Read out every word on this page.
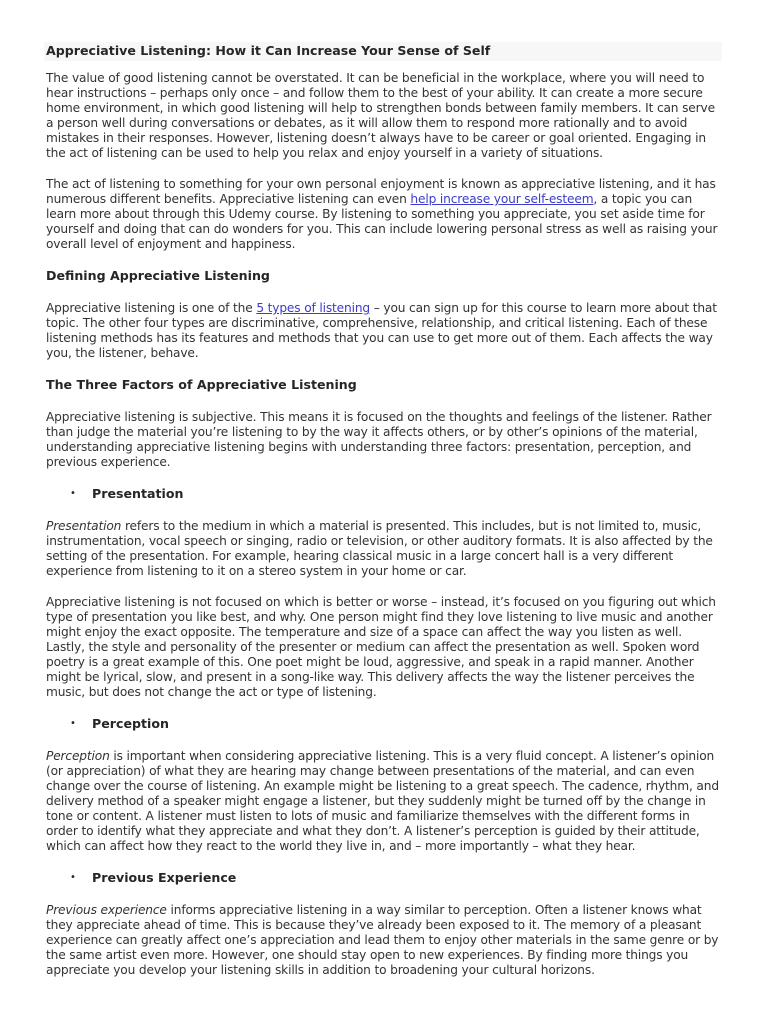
Appreciative Listening: How it Can Increase Your Sense of Self

The value of good listening cannot be overstated. It can be beneficial in the workplace, where you will need to hear instructions – perhaps only once – and follow them to the best of your ability. It can create a more secure home environment, in which good listening will help to strengthen bonds between family members. It can serve a person well during conversations or debates, as it will allow them to respond more rationally and to avoid mistakes in their responses. However, listening doesn’t always have to be career or goal oriented. Engaging in the act of listening can be used to help you relax and enjoy yourself in a variety of situations.

The act of listening to something for your own personal enjoyment is known as appreciative listening, and it has numerous different benefits. Appreciative listening can even help increase your self-esteem, a topic you can learn more about through this Udemy course. By listening to something you appreciate, you set aside time for yourself and doing that can do wonders for you. This can include lowering personal stress as well as raising your overall level of enjoyment and happiness.

Defining Appreciative Listening

Appreciative listening is one of the 5 types of listening – you can sign up for this course to learn more about that topic. The other four types are discriminative, comprehensive, relationship, and critical listening. Each of these listening methods has its features and methods that you can use to get more out of them. Each affects the way you, the listener, behave.

The Three Factors of Appreciative Listening

Appreciative listening is subjective. This means it is focused on the thoughts and feelings of the listener. Rather than judge the material you’re listening to by the way it affects others, or by other’s opinions of the material, understanding appreciative listening begins with understanding three factors: presentation, perception, and previous experience.

• Presentation

Presentation refers to the medium in which a material is presented. This includes, but is not limited to, music, instrumentation, vocal speech or singing, radio or television, or other auditory formats. It is also affected by the setting of the presentation. For example, hearing classical music in a large concert hall is a very different experience from listening to it on a stereo system in your home or car.

Appreciative listening is not focused on which is better or worse – instead, it’s focused on you figuring out which type of presentation you like best, and why. One person might find they love listening to live music and another might enjoy the exact opposite. The temperature and size of a space can affect the way you listen as well. Lastly, the style and personality of the presenter or medium can affect the presentation as well. Spoken word poetry is a great example of this. One poet might be loud, aggressive, and speak in a rapid manner. Another might be lyrical, slow, and present in a song-like way. This delivery affects the way the listener perceives the music, but does not change the act or type of listening.

• Perception

Perception is important when considering appreciative listening. This is a very fluid concept. A listener’s opinion (or appreciation) of what they are hearing may change between presentations of the material, and can even change over the course of listening. An example might be listening to a great speech. The cadence, rhythm, and delivery method of a speaker might engage a listener, but they suddenly might be turned off by the change in tone or content. A listener must listen to lots of music and familiarize themselves with the different forms in order to identify what they appreciate and what they don’t. A listener’s perception is guided by their attitude, which can affect how they react to the world they live in, and – more importantly – what they hear.

• Previous Experience

Previous experience informs appreciative listening in a way similar to perception. Often a listener knows what they appreciate ahead of time. This is because they’ve already been exposed to it. The memory of a pleasant experience can greatly affect one’s appreciation and lead them to enjoy other materials in the same genre or by the same artist even more. However, one should stay open to new experiences. By finding more things you appreciate you develop your listening skills in addition to broadening your cultural horizons.
